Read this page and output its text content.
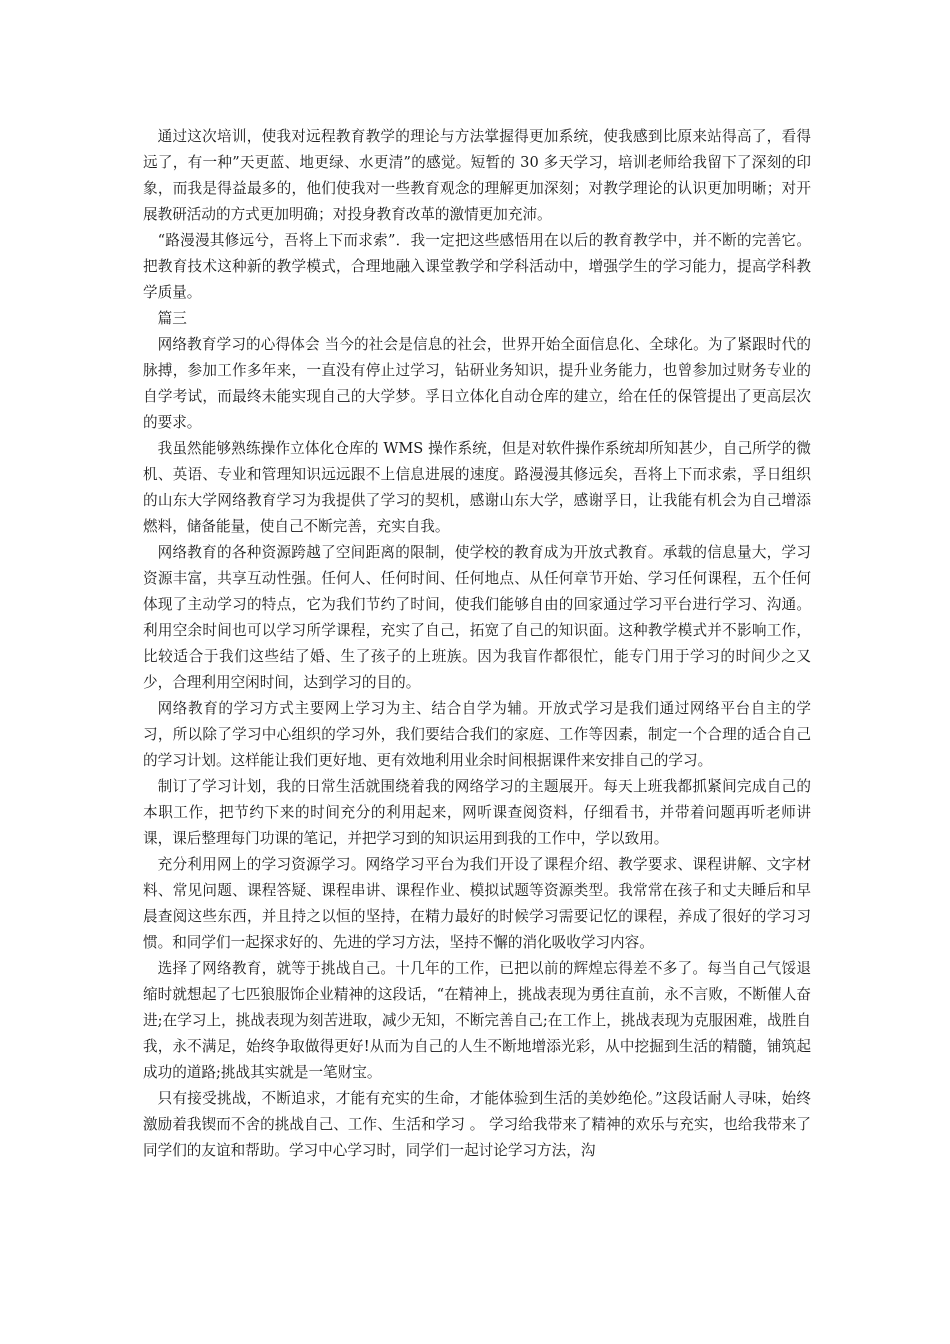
通过这次培训，使我对远程教育教学的理论与方法掌握得更加系统，使我感到比原来站得高了，看得远了，有一种”天更蓝、地更绿、水更清”的感觉。短暂的 30 多天学习，培训老师给我留下了深刻的印象，而我是得益最多的，他们使我对一些教育观念的理解更加深刻；对教学理论的认识更加明晰；对开展教研活动的方式更加明确；对投身教育改革的激情更加充沛。

“路漫漫其修远兮，吾将上下而求索”．我一定把这些感悟用在以后的教育教学中，并不断的完善它。把教育技术这种新的教学模式，合理地融入课堂教学和学科活动中，增强学生的学习能力，提高学科教学质量。

篇三

网络教育学习的心得体会 当今的社会是信息的社会，世界开始全面信息化、全球化。为了紧跟时代的脉搏，参加工作多年来，一直没有停止过学习，钻研业务知识，提升业务能力，也曾参加过财务专业的自学考试，而最终未能实现自己的大学梦。孚日立体化自动仓库的建立，给在任的保管提出了更高层次的要求。

我虽然能够熟练操作立体化仓库的 WMS 操作系统，但是对软件操作系统却所知甚少，自己所学的微机、英语、专业和管理知识远远跟不上信息进展的速度。路漫漫其修远矣，吾将上下而求索，孚日组织的山东大学网络教育学习为我提供了学习的契机，感谢山东大学，感谢孚日，让我能有机会为自己增添燃料，储备能量，使自己不断完善，充实自我。

网络教育的各种资源跨越了空间距离的限制，使学校的教育成为开放式教育。承载的信息量大，学习资源丰富，共享互动性强。任何人、任何时间、任何地点、从任何章节开始、学习任何课程，五个任何体现了主动学习的特点，它为我们节约了时间，使我们能够自由的回家通过学习平台进行学习、沟通。利用空余时间也可以学习所学课程，充实了自己，拓宽了自己的知识面。这种教学模式并不影响工作，比较适合于我们这些结了婚、生了孩子的上班族。因为我盲作都很忙，能专门用于学习的时间少之又少，合理利用空闲时间，达到学习的目的。

网络教育的学习方式主要网上学习为主、结合自学为辅。开放式学习是我们通过网络平台自主的学习，所以除了学习中心组织的学习外，我们要结合我们的家庭、工作等因素，制定一个合理的适合自己的学习计划。这样能让我们更好地、更有效地利用业余时间根据课件来安排自己的学习。

制订了学习计划，我的日常生活就围绕着我的网络学习的主题展开。每天上班我都抓紧间完成自己的本职工作，把节约下来的时间充分的利用起来，网听课查阅资料，仔细看书，并带着问题再听老师讲课，课后整理每门功课的笔记，并把学习到的知识运用到我的工作中，学以致用。

充分利用网上的学习资源学习。网络学习平台为我们开设了课程介绍、教学要求、课程讲解、文字材料、常见问题、课程答疑、课程串讲、课程作业、模拟试题等资源类型。我常常在孩子和丈夫睡后和早晨查阅这些东西，并且持之以恒的坚持，在精力最好的时候学习需要记忆的课程，养成了很好的学习习惯。和同学们一起探求好的、先进的学习方法，坚持不懈的消化吸收学习内容。

选择了网络教育，就等于挑战自己。十几年的工作，已把以前的辉煌忘得差不多了。每当自己气馁退缩时就想起了七匹狼服饰企业精神的这段话，“在精神上，挑战表现为勇往直前，永不言败，不断催人奋进;在学习上，挑战表现为刻苦进取，减少无知，不断完善自己;在工作上，挑战表现为克服困难，战胜自我，永不满足，始终争取做得更好!从而为自己的人生不断地增添光彩，从中挖掘到生活的精髓，铺筑起成功的道路;挑战其实就是一笔财宝。

只有接受挑战，不断追求，才能有充实的生命，才能体验到生活的美妙绝伦。”这段话耐人寻味，始终激励着我锲而不舍的挑战自己、工作、生活和学习 。 学习给我带来了精神的欢乐与充实，也给我带来了同学们的友谊和帮助。学习中心学习时，同学们一起讨论学习方法，沟
